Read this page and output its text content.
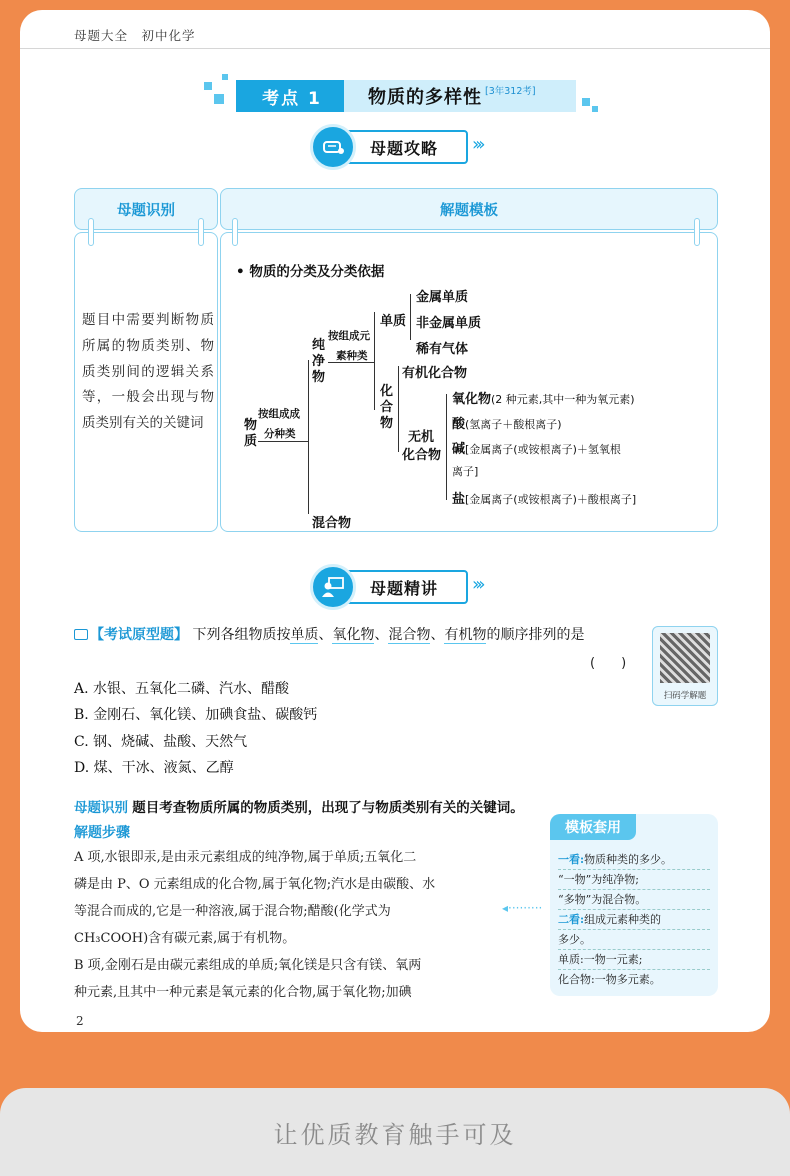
母题大全　初中化学
考点 1	物质的多样性 [3年312考]
母题攻略	›››
母题识别	解题模板
题目中需要判断物质所属的物质类别、物质类别间的逻辑关系等，一般会出现与物质类别有关的关键词
• 物质的分类及分类依据
物质
按组成成
分种类
纯净物
混合物
按组成元
素种类
单质
金属单质
非金属单质
稀有气体
化合物
有机化合物
无机
化合物
氧化物(2 种元素,其中一种为氧元素)
酸(氢离子＋酸根离子)
碱[金属离子(或铵根离子)＋氢氧根
离子]
盐[金属离子(或铵根离子)＋酸根离子]
母题精讲	›››
【考试原型题】 下列各组物质按单质、氧化物、混合物、有机物的顺序排列的是
(　　)
A. 水银、五氧化二磷、汽水、醋酸
B. 金刚石、氧化镁、加碘食盐、碳酸钙
C. 钢、烧碱、盐酸、天然气
D. 煤、干冰、液氮、乙醇
扫码学解题
母题识别 题目考查物质所属的物质类别，出现了与物质类别有关的关键词。
解题步骤
A 项,水银即汞,是由汞元素组成的纯净物,属于单质;五氧化二
磷是由 P、O 元素组成的化合物,属于氧化物;汽水是由碳酸、水
等混合而成的,它是一种溶液,属于混合物;醋酸(化学式为
CH₃COOH)含有碳元素,属于有机物。
B 项,金刚石是由碳元素组成的单质;氧化镁是只含有镁、氧两
种元素,且其中一种元素是氧元素的化合物,属于氧化物;加碘
◂·········
模板套用
一看:物质种类的多少。
“一物”为纯净物;
“多物”为混合物。
二看:组成元素种类的
多少。
单质:一物一元素;
化合物:一物多元素。
2
让优质教育触手可及
